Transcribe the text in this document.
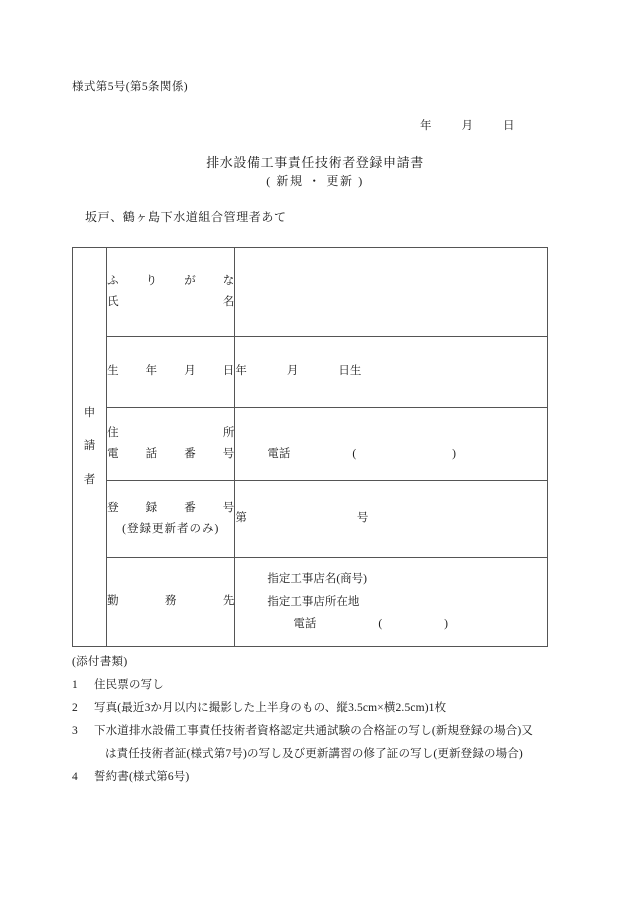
様式第5号(第5条関係)
年	月	日
排水設備工事責任技術者登録申請書
( 新規 ・ 更新 )
坂戸、鶴ヶ島下水道組合管理者あて
申
請
者

ふ り が な
氏	名

	生 年 月 日	年 月 日生

住	所
電 話 番 号	電話	(	)

	登 録 番 号
(登録更新者のみ)	第 号

勤	務	先

指定工事店名(商号)
指定工事店所在地
電話	(	)
(添付書類)
1	住民票の写し
2	写真(最近3か月以内に撮影した上半身のもの、縦3.5cm×横2.5cm)1枚
3	下水道排水設備工事責任技術者資格認定共通試験の合格証の写し(新規登録の場合)又
は責任技術者証(様式第7号)の写し及び更新講習の修了証の写し(更新登録の場合)
4	誓約書(様式第6号)
